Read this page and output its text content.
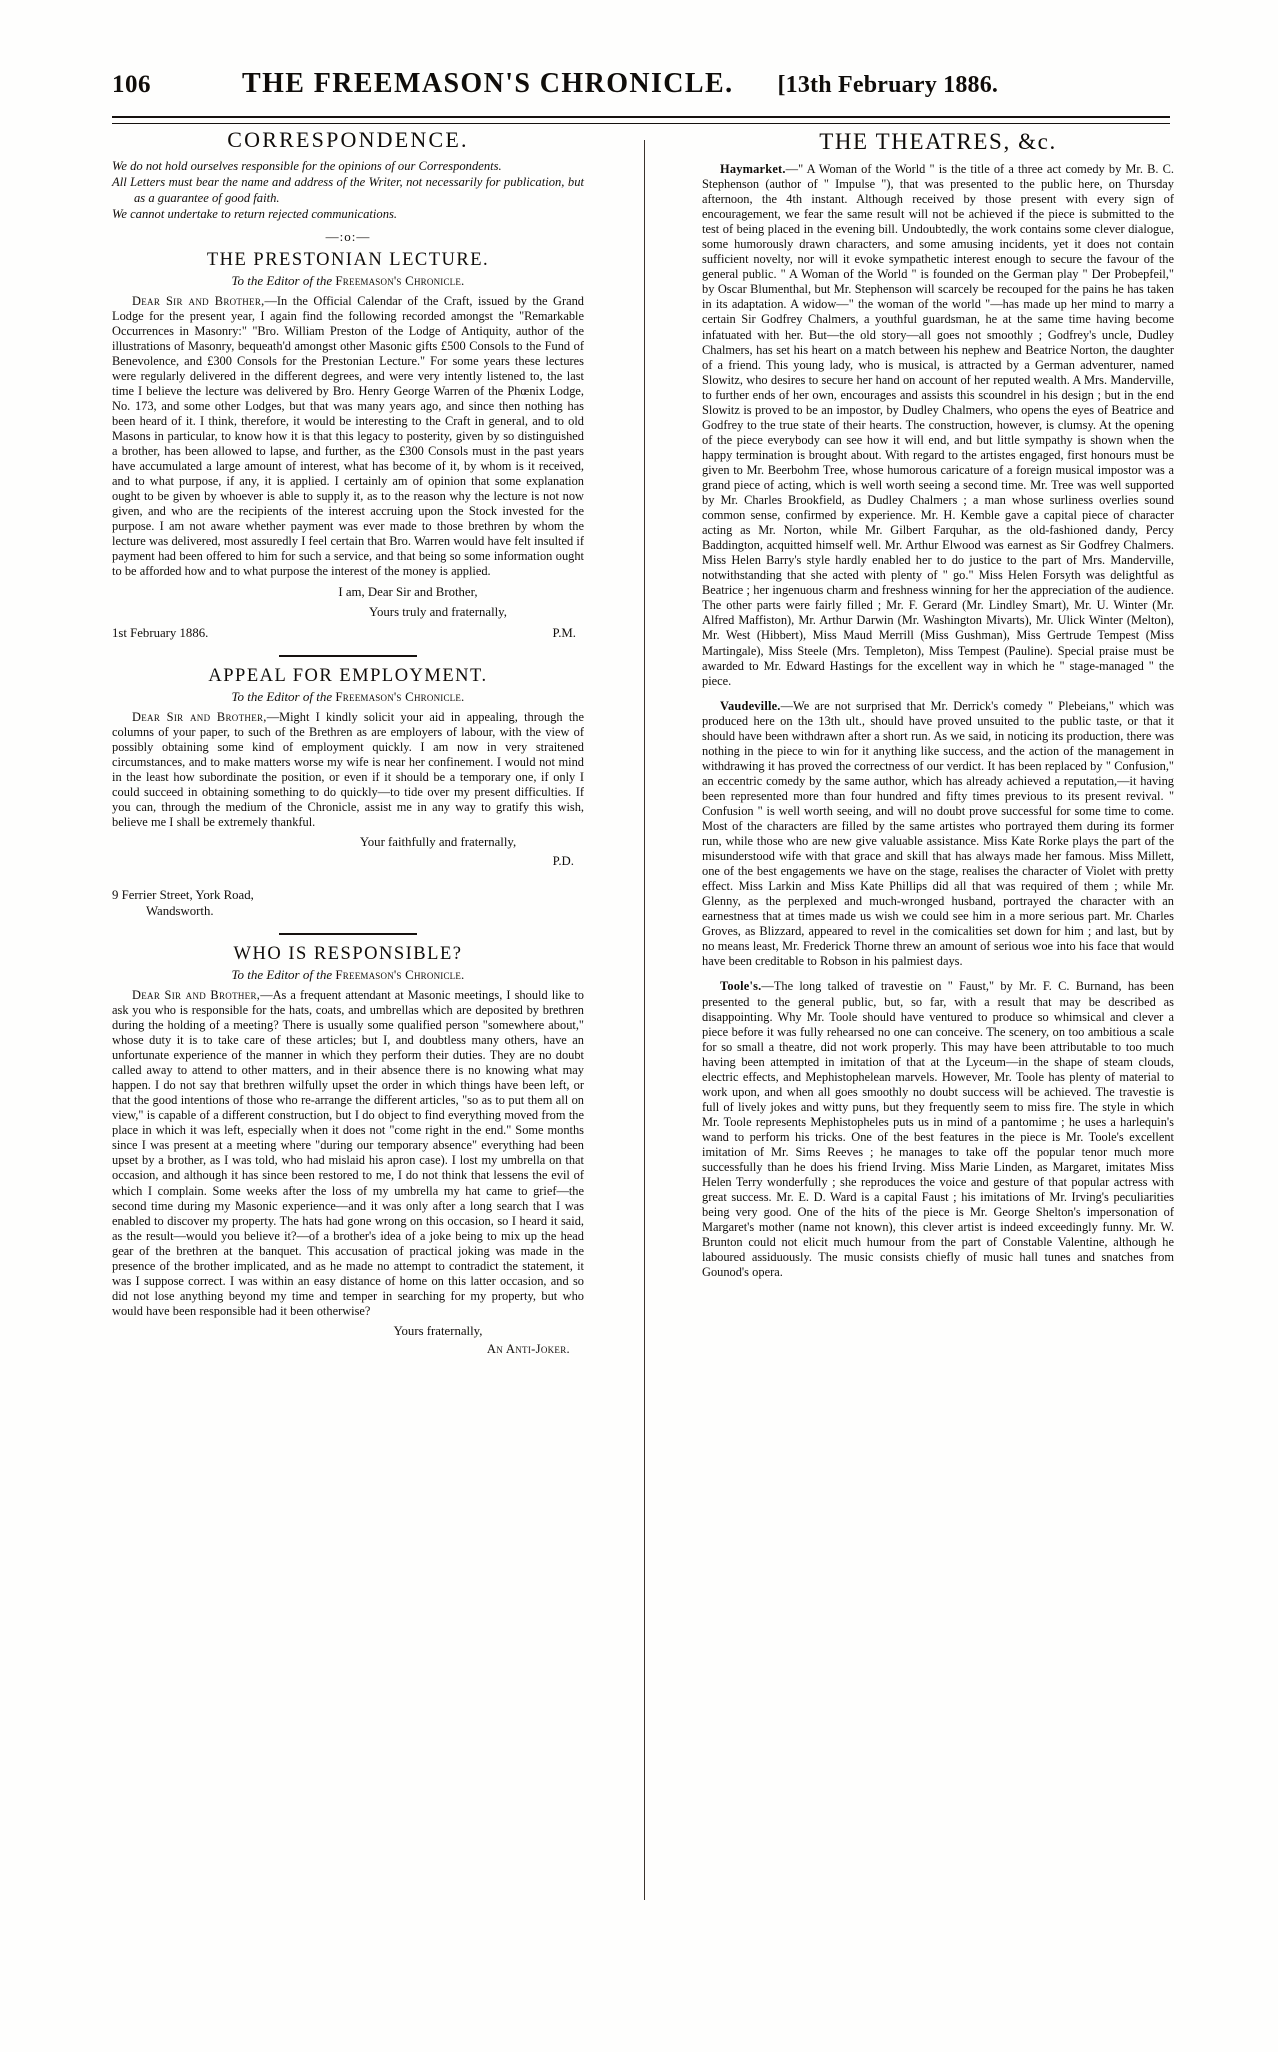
106	THE FREEMASON'S CHRONICLE. [13th February 1886.
CORRESPONDENCE.
We do not hold ourselves responsible for the opinions of our Correspondents.
All Letters must bear the name and address of the Writer, not necessarily for publication, but as a guarantee of good faith.
We cannot undertake to return rejected communications.
—:o:—
THE PRESTONIAN LECTURE.
To the Editor of the Freemason's Chronicle.

Dear Sir and Brother,—In the Official Calendar of the Craft, issued by the Grand Lodge for the present year, I again find the following recorded amongst the "Remarkable Occurrences in Masonry:" "Bro. William Preston of the Lodge of Antiquity, author of the illustrations of Masonry, bequeath'd amongst other Masonic gifts £500 Consols to the Fund of Benevolence, and £300 Consols for the Prestonian Lecture." For some years these lectures were regularly delivered in the different degrees, and were very intently listened to, the last time I believe the lecture was delivered by Bro. Henry George Warren of the Phœnix Lodge, No. 173, and some other Lodges, but that was many years ago, and since then nothing has been heard of it. I think, therefore, it would be interesting to the Craft in general, and to old Masons in particular, to know how it is that this legacy to posterity, given by so distinguished a brother, has been allowed to lapse, and further, as the £300 Consols must in the past years have accumulated a large amount of interest, what has become of it, by whom is it received, and to what purpose, if any, it is applied. I certainly am of opinion that some explanation ought to be given by whoever is able to supply it, as to the reason why the lecture is not now given, and who are the recipients of the interest accruing upon the Stock invested for the purpose. I am not aware whether payment was ever made to those brethren by whom the lecture was delivered, most assuredly I feel certain that Bro. Warren would have felt insulted if payment had been offered to him for such a service, and that being so some information ought to be afforded how and to what purpose the interest of the money is applied.

I am, Dear Sir and Brother,
Yours truly and fraternally,
1st February 1886.	P.M.
APPEAL FOR EMPLOYMENT.
To the Editor of the Freemason's Chronicle.

Dear Sir and Brother,—Might I kindly solicit your aid in appealing, through the columns of your paper, to such of the Brethren as are employers of labour, with the view of possibly obtaining some kind of employment quickly. I am now in very straitened circumstances, and to make matters worse my wife is near her confinement. I would not mind in the least how subordinate the position, or even if it should be a temporary one, if only I could succeed in obtaining something to do quickly—to tide over my present difficulties. If you can, through the medium of the Chronicle, assist me in any way to gratify this wish, believe me I shall be extremely thankful.

Your faithfully and fraternally,
P.D.
9 Ferrier Street, York Road,
Wandsworth.
WHO IS RESPONSIBLE?
To the Editor of the Freemason's Chronicle.

Dear Sir and Brother,—As a frequent attendant at Masonic meetings, I should like to ask you who is responsible for the hats, coats, and umbrellas which are deposited by brethren during the holding of a meeting? There is usually some qualified person "somewhere about," whose duty it is to take care of these articles; but I, and doubtless many others, have an unfortunate experience of the manner in which they perform their duties. They are no doubt called away to attend to other matters, and in their absence there is no knowing what may happen. I do not say that brethren wilfully upset the order in which things have been left, or that the good intentions of those who re-arrange the different articles, "so as to put them all on view," is capable of a different construction, but I do object to find everything moved from the place in which it was left, especially when it does not "come right in the end." Some months since I was present at a meeting where "during our temporary absence" everything had been upset by a brother, as I was told, who had mislaid his apron case). I lost my umbrella on that occasion, and although it has since been restored to me, I do not think that lessens the evil of which I complain. Some weeks after the loss of my umbrella my hat came to grief—the second time during my Masonic experience—and it was only after a long search that I was enabled to discover my property. The hats had gone wrong on this occasion, so I heard it said, as the result—would you believe it?—of a brother's idea of a joke being to mix up the head gear of the brethren at the banquet. This accusation of practical joking was made in the presence of the brother implicated, and as he made no attempt to contradict the statement, it was I suppose correct. I was within an easy distance of home on this latter occasion, and so did not lose anything beyond my time and temper in searching for my property, but who would have been responsible had it been otherwise?

Yours fraternally,
An Anti-Joker.
THE THEATRES, &c.

Haymarket.—" A Woman of the World " is the title of a three act comedy by Mr. B. C. Stephenson (author of " Impulse "), that was presented to the public here, on Thursday afternoon, the 4th instant. Although received by those present with every sign of encouragement, we fear the same result will not be achieved if the piece is submitted to the test of being placed in the evening bill. Undoubtedly, the work contains some clever dialogue, some humorously drawn characters, and some amusing incidents, yet it does not contain sufficient novelty, nor will it evoke sympathetic interest enough to secure the favour of the general public. " A Woman of the World " is founded on the German play " Der Probepfeil," by Oscar Blumenthal, but Mr. Stephenson will scarcely be recouped for the pains he has taken in its adaptation. A widow—" the woman of the world "—has made up her mind to marry a certain Sir Godfrey Chalmers, a youthful guardsman, he at the same time having become infatuated with her. But—the old story—all goes not smoothly ; Godfrey's uncle, Dudley Chalmers, has set his heart on a match between his nephew and Beatrice Norton, the daughter of a friend. This young lady, who is musical, is attracted by a German adventurer, named Slowitz, who desires to secure her hand on account of her reputed wealth. A Mrs. Manderville, to further ends of her own, encourages and assists this scoundrel in his design ; but in the end Slowitz is proved to be an impostor, by Dudley Chalmers, who opens the eyes of Beatrice and Godfrey to the true state of their hearts. The construction, however, is clumsy. At the opening of the piece everybody can see how it will end, and but little sympathy is shown when the happy termination is brought about. With regard to the artistes engaged, first honours must be given to Mr. Beerbohm Tree, whose humorous caricature of a foreign musical impostor was a grand piece of acting, which is well worth seeing a second time. Mr. Tree was well supported by Mr. Charles Brookfield, as Dudley Chalmers ; a man whose surliness overlies sound common sense, confirmed by experience. Mr. H. Kemble gave a capital piece of character acting as Mr. Norton, while Mr. Gilbert Farquhar, as the old-fashioned dandy, Percy Baddington, acquitted himself well. Mr. Arthur Elwood was earnest as Sir Godfrey Chalmers. Miss Helen Barry's style hardly enabled her to do justice to the part of Mrs. Manderville, notwithstanding that she acted with plenty of " go." Miss Helen Forsyth was delightful as Beatrice ; her ingenuous charm and freshness winning for her the appreciation of the audience. The other parts were fairly filled ; Mr. F. Gerard (Mr. Lindley Smart), Mr. U. Winter (Mr. Alfred Maffiston), Mr. Arthur Darwin (Mr. Washington Mivarts), Mr. Ulick Winter (Melton), Mr. West (Hibbert), Miss Maud Merrill (Miss Gushman), Miss Gertrude Tempest (Miss Martingale), Miss Steele (Mrs. Templeton), Miss Tempest (Pauline). Special praise must be awarded to Mr. Edward Hastings for the excellent way in which he " stage-managed " the piece.

Vaudeville.—We are not surprised that Mr. Derrick's comedy " Plebeians," which was produced here on the 13th ult., should have proved unsuited to the public taste, or that it should have been withdrawn after a short run. As we said, in noticing its production, there was nothing in the piece to win for it anything like success, and the action of the management in withdrawing it has proved the correctness of our verdict. It has been replaced by " Confusion," an eccentric comedy by the same author, which has already achieved a reputation,—it having been represented more than four hundred and fifty times previous to its present revival. " Confusion " is well worth seeing, and will no doubt prove successful for some time to come. Most of the characters are filled by the same artistes who portrayed them during its former run, while those who are new give valuable assistance. Miss Kate Rorke plays the part of the misunderstood wife with that grace and skill that has always made her famous. Miss Millett, one of the best engagements we have on the stage, realises the character of Violet with pretty effect. Miss Larkin and Miss Kate Phillips did all that was required of them ; while Mr. Glenny, as the perplexed and much-wronged husband, portrayed the character with an earnestness that at times made us wish we could see him in a more serious part. Mr. Charles Groves, as Blizzard, appeared to revel in the comicalities set down for him ; and last, but by no means least, Mr. Frederick Thorne threw an amount of serious woe into his face that would have been creditable to Robson in his palmiest days.

Toole's.—The long talked of travestie on " Faust," by Mr. F. C. Burnand, has been presented to the general public, but, so far, with a result that may be described as disappointing. Why Mr. Toole should have ventured to produce so whimsical and clever a piece before it was fully rehearsed no one can conceive. The scenery, on too ambitious a scale for so small a theatre, did not work properly. This may have been attributable to too much having been attempted in imitation of that at the Lyceum—in the shape of steam clouds, electric effects, and Mephistophelean marvels. However, Mr. Toole has plenty of material to work upon, and when all goes smoothly no doubt success will be achieved. The travestie is full of lively jokes and witty puns, but they frequently seem to miss fire. The style in which Mr. Toole represents Mephistopheles puts us in mind of a pantomime ; he uses a harlequin's wand to perform his tricks. One of the best features in the piece is Mr. Toole's excellent imitation of Mr. Sims Reeves ; he manages to take off the popular tenor much more successfully than he does his friend Irving. Miss Marie Linden, as Margaret, imitates Miss Helen Terry wonderfully ; she reproduces the voice and gesture of that popular actress with great success. Mr. E. D. Ward is a capital Faust ; his imitations of Mr. Irving's peculiarities being very good. One of the hits of the piece is Mr. George Shelton's impersonation of Margaret's mother (name not known), this clever artist is indeed exceedingly funny. Mr. W. Brunton could not elicit much humour from the part of Constable Valentine, although he laboured assiduously. The music consists chiefly of music hall tunes and snatches from Gounod's opera.
